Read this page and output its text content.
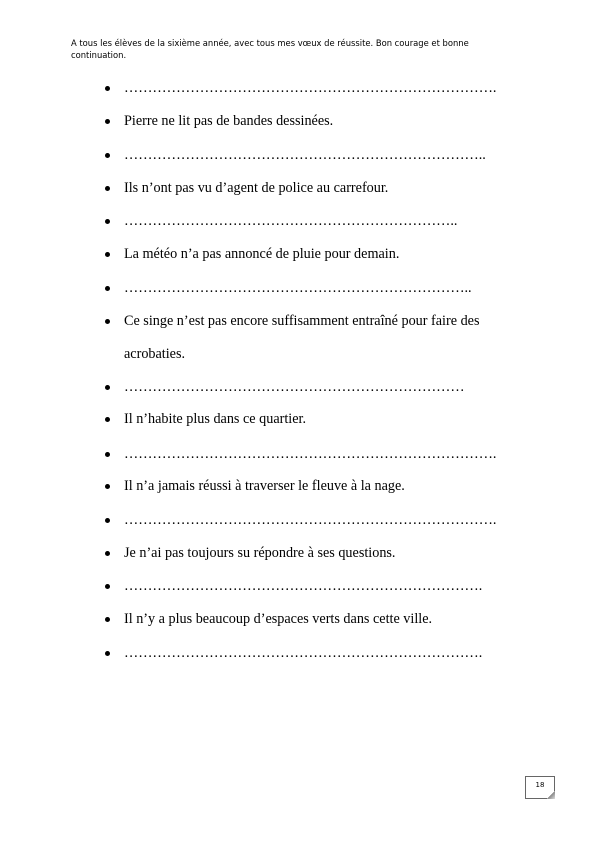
A tous les élèves de la sixième année, avec tous mes vœux de réussite. Bon courage et bonne continuation.
…………………………………………………………………….
Pierre ne lit pas de bandes dessinées.
…………………………………………………………………..
Ils n’ont pas vu d’agent de police au carrefour.
……………………………………………………………..
La météo n’a pas annoncé de pluie pour demain.
………………………………………………………………..
Ce singe n’est pas encore suffisamment entraîné pour faire des acrobaties.
………………………………………………………………
Il n’habite plus dans ce quartier.
…………………………………………………………………….
Il n’a jamais réussi à traverser le fleuve à la nage.
…………………………………………………………………….
Je n’ai pas toujours su répondre à ses questions.
………………………………………………………………….
Il n’y a plus beaucoup d’espaces verts dans cette ville.
………………………………………………………………….
18
